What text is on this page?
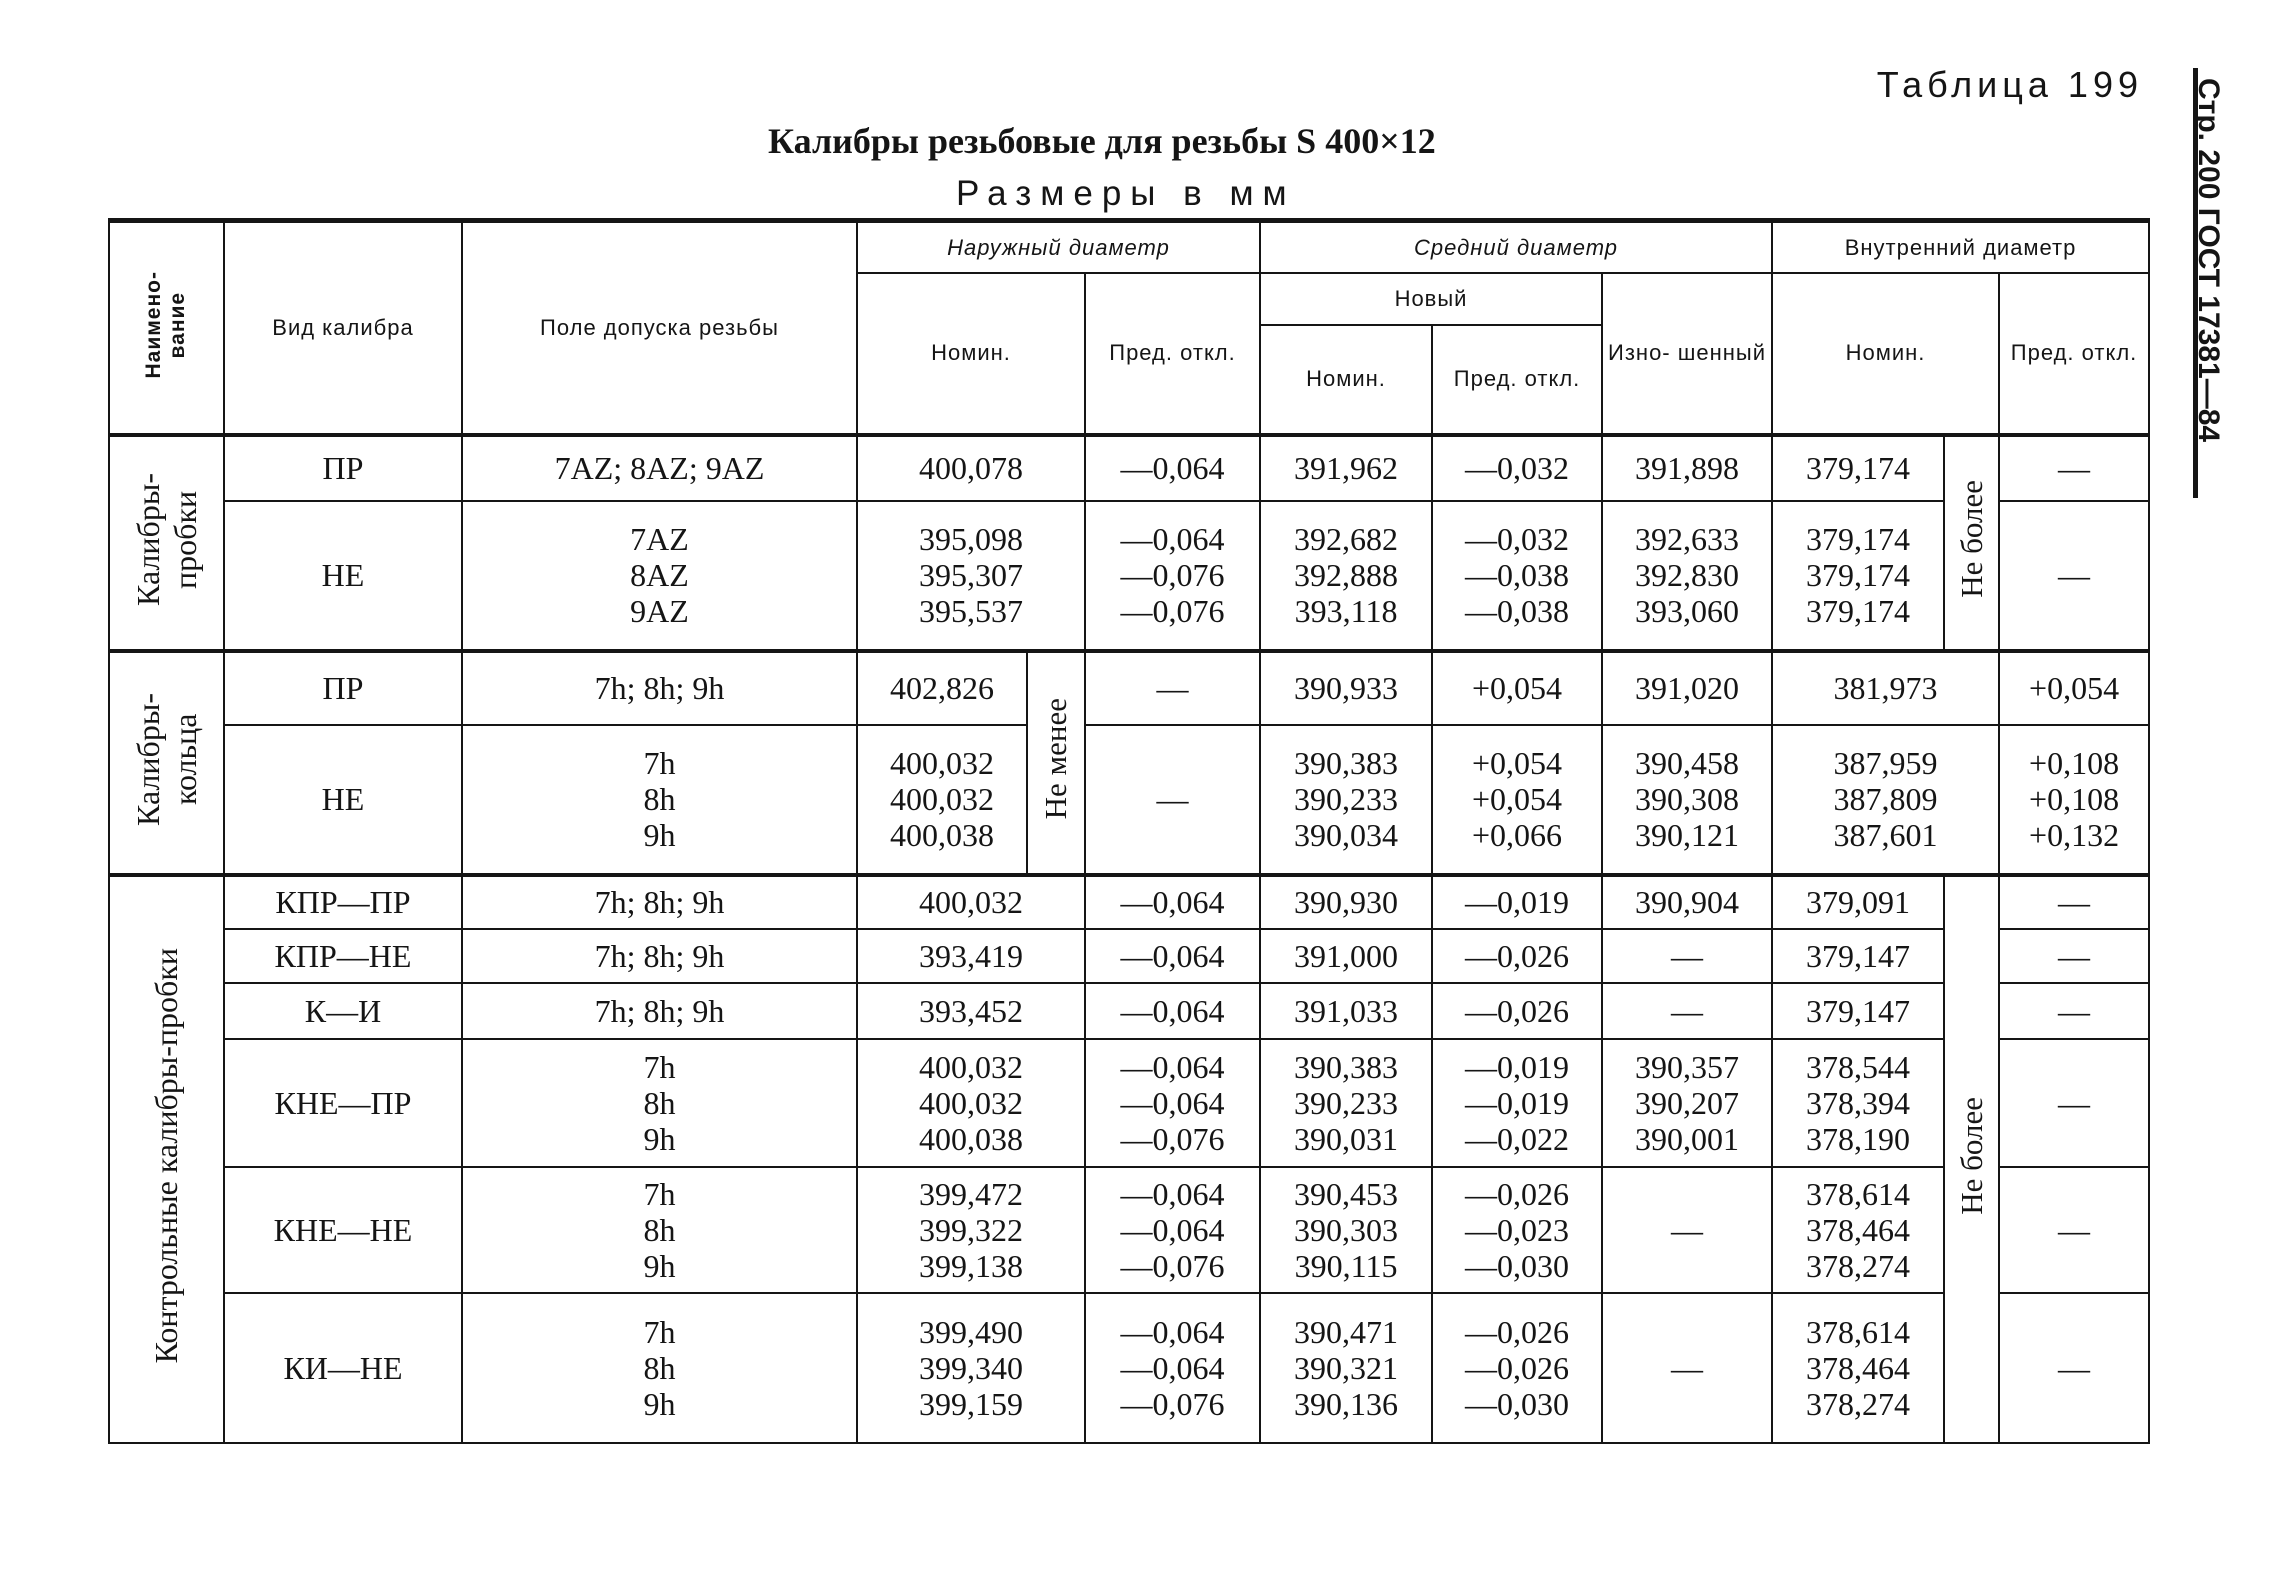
Таблица 199
Калибры резьбовые для резьбы S 400×12
Размеры в мм	Стр. 200 ГОСТ 17381—84
Наимено-
вание	Вид калибра	Поле допуска резьбы	Наружный диаметр			Средний диаметр			Внутренний диаметр		
			Номин.		Пред. откл.	Новый		Изно- шенный	Номин.		Пред. откл.
						Номин.	Пред. откл.				
Калибры-
пробки	ПР	7AZ; 8AZ; 9AZ	400,078		—0,064	391,962	—0,032	391,898	379,174	Не более	—
	НЕ	7AZ
8AZ
9AZ	395,098
395,307
395,537		—0,064
—0,076
—0,076	392,682
392,888
393,118	—0,032
—0,038
—0,038	392,633
392,830
393,060	379,174
379,174
379,174		—
Калибры-
кольца	ПР	7h; 8h; 9h	402,826	Не менее	—	390,933	+0,054	391,020	381,973		+0,054
	НЕ	7h
8h
9h	400,032
400,032
400,038		—	390,383
390,233
390,034	+0,054
+0,054
+0,066	390,458
390,308
390,121	387,959
387,809
387,601		+0,108
+0,108
+0,132
Контрольные калибры-пробки	КПР—ПР	7h; 8h; 9h	400,032		—0,064	390,930	—0,019	390,904	379,091	Не более	—
	КПР—НЕ	7h; 8h; 9h	393,419		—0,064	391,000	—0,026	—	379,147		—
	К—И	7h; 8h; 9h	393,452		—0,064	391,033	—0,026	—	379,147		—
	КНЕ—ПР	7h
8h
9h	400,032
400,032
400,038		—0,064
—0,064
—0,076	390,383
390,233
390,031	—0,019
—0,019
—0,022	390,357
390,207
390,001	378,544
378,394
378,190		—
	КНЕ—НЕ	7h
8h
9h	399,472
399,322
399,138		—0,064
—0,064
—0,076	390,453
390,303
390,115	—0,026
—0,023
—0,030	—	378,614
378,464
378,274		—
	КИ—НЕ	7h
8h
9h	399,490
399,340
399,159		—0,064
—0,064
—0,076	390,471
390,321
390,136	—0,026
—0,026
—0,030	—	378,614
378,464
378,274		—
